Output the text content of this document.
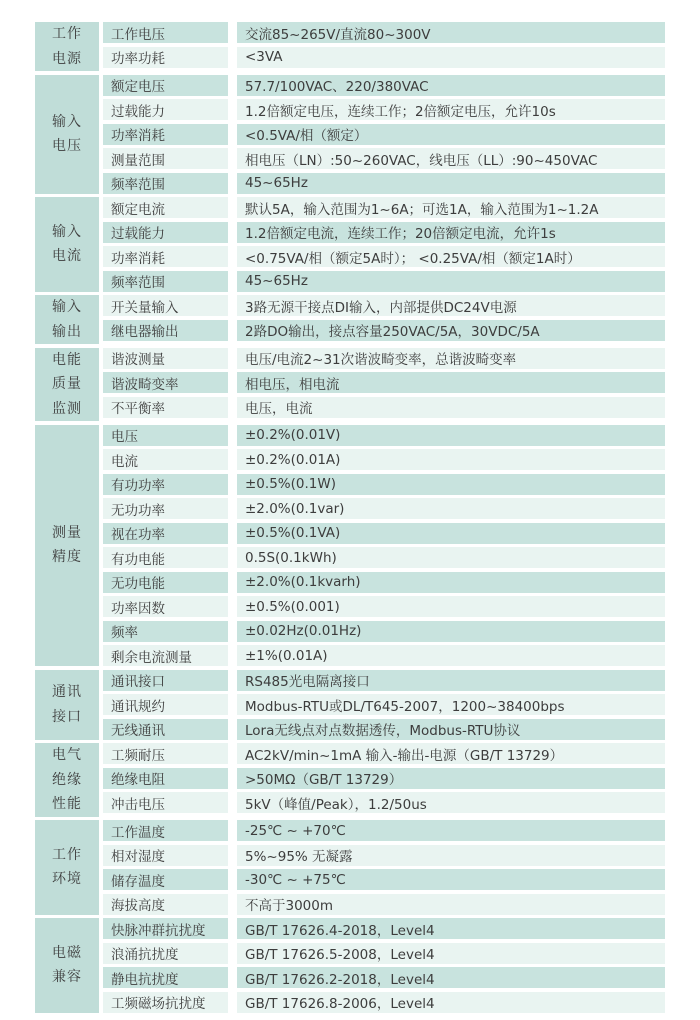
工作
电源
工作电压	交流85~265V/直流80~300V
功率功耗	<3VA
输入
电压
额定电压	57.7/100VAC、220/380VAC
过载能力	1.2倍额定电压，连续工作；2倍额定电压，允许10s
功率消耗	<0.5VA/相（额定）
测量范围	相电压（LN）:50~260VAC，线电压（LL）:90~450VAC
频率范围	45~65Hz
输入
电流
额定电流	默认5A，输入范围为1~6A；可选1A，输入范围为1~1.2A
过载能力	1.2倍额定电流，连续工作；20倍额定电流，允许1s
功率消耗	<0.75VA/相（额定5A时）； <0.25VA/相（额定1A时）
频率范围	45~65Hz
输入
输出
开关量输入	3路无源干接点DI输入，内部提供DC24V电源
继电器输出	2路DO输出，接点容量250VAC/5A，30VDC/5A
电能
质量
监测
谐波测量	电压/电流2~31次谐波畸变率，总谐波畸变率
谐波畸变率	相电压，相电流
不平衡率	电压，电流
测量
精度
电压	±0.2%(0.01V)
电流	±0.2%(0.01A)
有功功率	±0.5%(0.1W)
无功功率	±2.0%(0.1var)
视在功率	±0.5%(0.1VA)
有功电能	0.5S(0.1kWh)
无功电能	±2.0%(0.1kvarh)
功率因数	±0.5%(0.001)
频率	±0.02Hz(0.01Hz)
剩余电流测量	±1%(0.01A)
通讯
接口
通讯接口	RS485光电隔离接口
通讯规约	Modbus-RTU或DL/T645-2007，1200~38400bps
无线通讯	Lora无线点对点数据透传，Modbus-RTU协议
电气
绝缘
性能
工频耐压	AC2kV/min~1mA 输入-输出-电源（GB/T 13729）
绝缘电阻	>50MΩ（GB/T 13729）
冲击电压	5kV（峰值/Peak），1.2/50us
工作
环境
工作温度	-25℃ ~ +70℃
相对湿度	5%~95% 无凝露
储存温度	-30℃ ~ +75℃
海拔高度	不高于3000m
电磁
兼容
快脉冲群抗扰度	GB/T 17626.4-2018，Level4
浪涌抗扰度	GB/T 17626.5-2008，Level4
静电抗扰度	GB/T 17626.2-2018，Level4
工频磁场抗扰度	GB/T 17626.8-2006，Level4
